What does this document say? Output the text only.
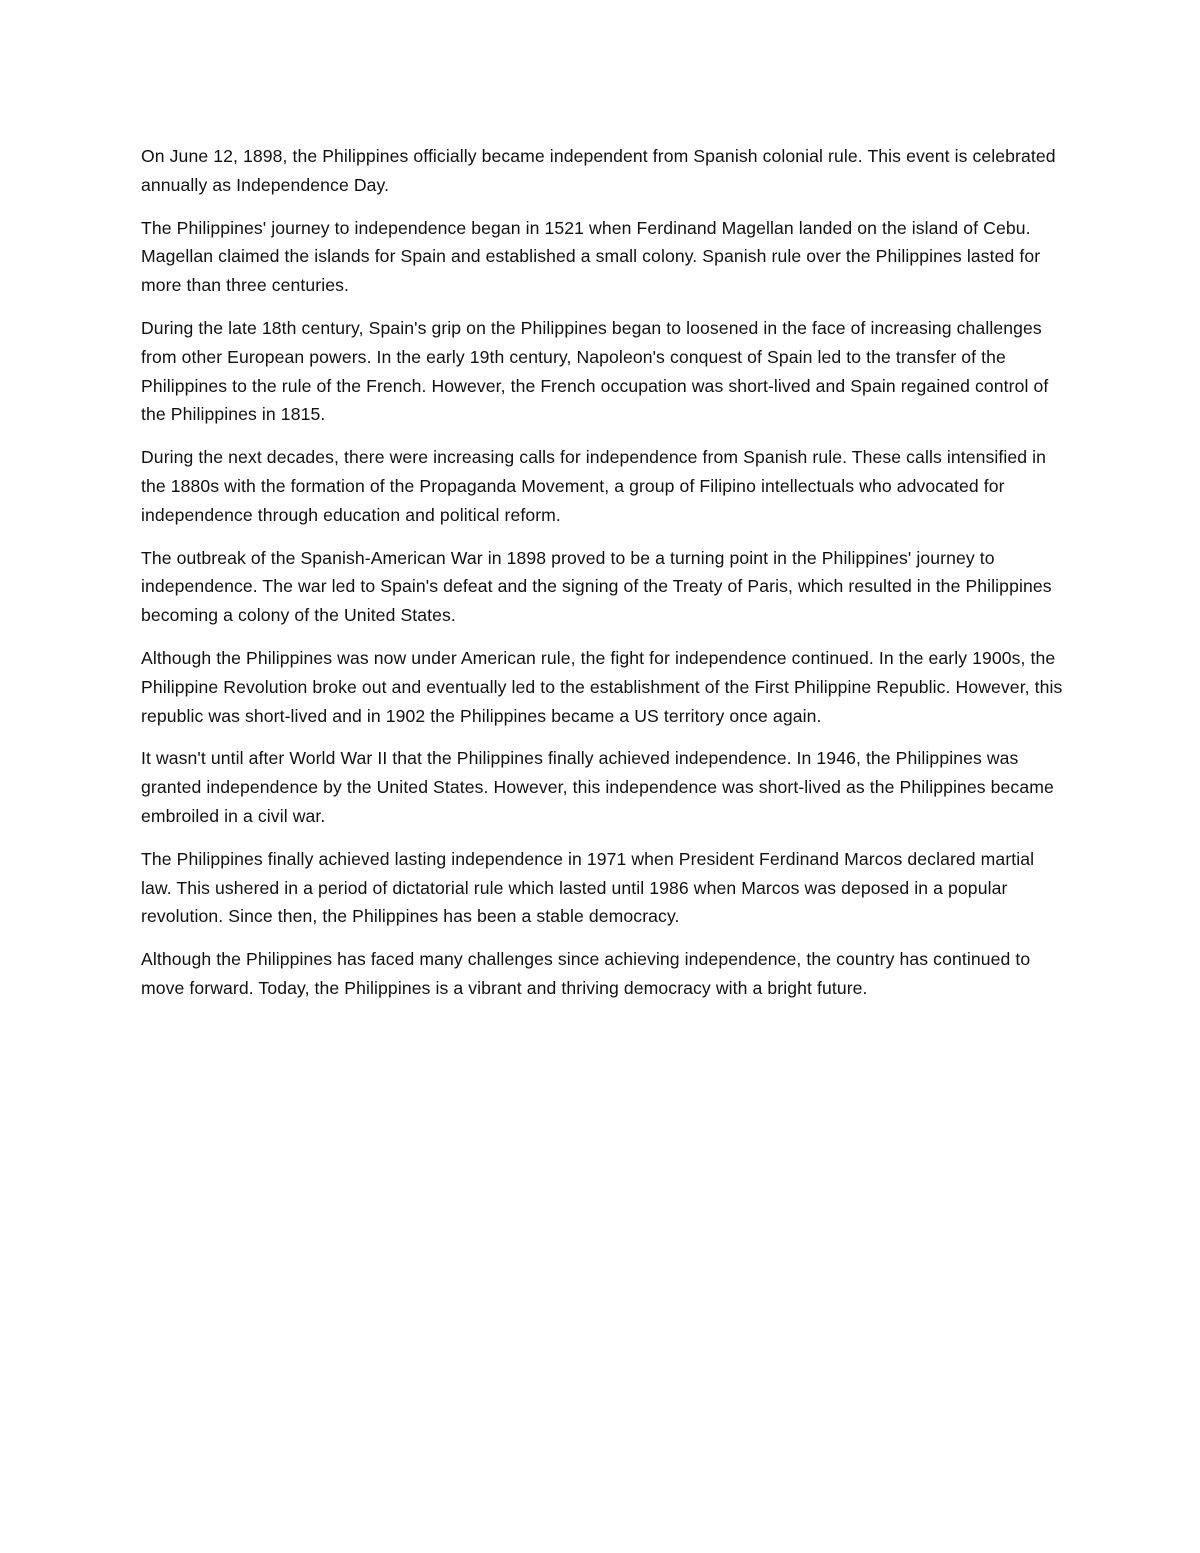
On June 12, 1898, the Philippines officially became independent from Spanish colonial rule. This event is celebrated annually as Independence Day.

The Philippines' journey to independence began in 1521 when Ferdinand Magellan landed on the island of Cebu. Magellan claimed the islands for Spain and established a small colony. Spanish rule over the Philippines lasted for more than three centuries.

During the late 18th century, Spain's grip on the Philippines began to loosened in the face of increasing challenges from other European powers. In the early 19th century, Napoleon's conquest of Spain led to the transfer of the Philippines to the rule of the French. However, the French occupation was short-lived and Spain regained control of the Philippines in 1815.

During the next decades, there were increasing calls for independence from Spanish rule. These calls intensified in the 1880s with the formation of the Propaganda Movement, a group of Filipino intellectuals who advocated for independence through education and political reform.

The outbreak of the Spanish-American War in 1898 proved to be a turning point in the Philippines' journey to independence. The war led to Spain's defeat and the signing of the Treaty of Paris, which resulted in the Philippines becoming a colony of the United States.

Although the Philippines was now under American rule, the fight for independence continued. In the early 1900s, the Philippine Revolution broke out and eventually led to the establishment of the First Philippine Republic. However, this republic was short-lived and in 1902 the Philippines became a US territory once again.

It wasn't until after World War II that the Philippines finally achieved independence. In 1946, the Philippines was granted independence by the United States. However, this independence was short-lived as the Philippines became embroiled in a civil war.

The Philippines finally achieved lasting independence in 1971 when President Ferdinand Marcos declared martial law. This ushered in a period of dictatorial rule which lasted until 1986 when Marcos was deposed in a popular revolution. Since then, the Philippines has been a stable democracy.

Although the Philippines has faced many challenges since achieving independence, the country has continued to move forward. Today, the Philippines is a vibrant and thriving democracy with a bright future.
